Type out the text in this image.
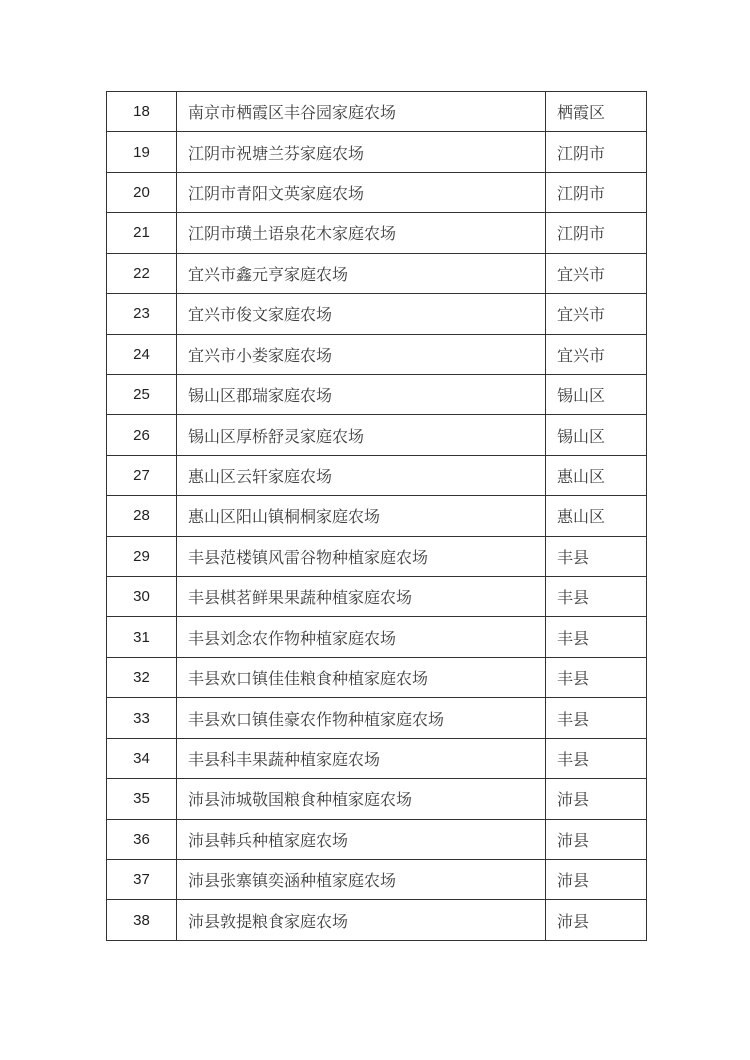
18	南京市栖霞区丰谷园家庭农场	栖霞区
19	江阴市祝塘兰芬家庭农场	江阴市
20	江阴市青阳文英家庭农场	江阴市
21	江阴市璜土语泉花木家庭农场	江阴市
22	宜兴市鑫元亨家庭农场	宜兴市
23	宜兴市俊文家庭农场	宜兴市
24	宜兴市小娄家庭农场	宜兴市
25	锡山区郡瑞家庭农场	锡山区
26	锡山区厚桥舒灵家庭农场	锡山区
27	惠山区云轩家庭农场	惠山区
28	惠山区阳山镇桐桐家庭农场	惠山区
29	丰县范楼镇风雷谷物种植家庭农场	丰县
30	丰县棋茗鲜果果蔬种植家庭农场	丰县
31	丰县刘念农作物种植家庭农场	丰县
32	丰县欢口镇佳佳粮食种植家庭农场	丰县
33	丰县欢口镇佳豪农作物种植家庭农场	丰县
34	丰县科丰果蔬种植家庭农场	丰县
35	沛县沛城敬国粮食种植家庭农场	沛县
36	沛县韩兵种植家庭农场	沛县
37	沛县张寨镇奕涵种植家庭农场	沛县
38	沛县敦提粮食家庭农场	沛县
